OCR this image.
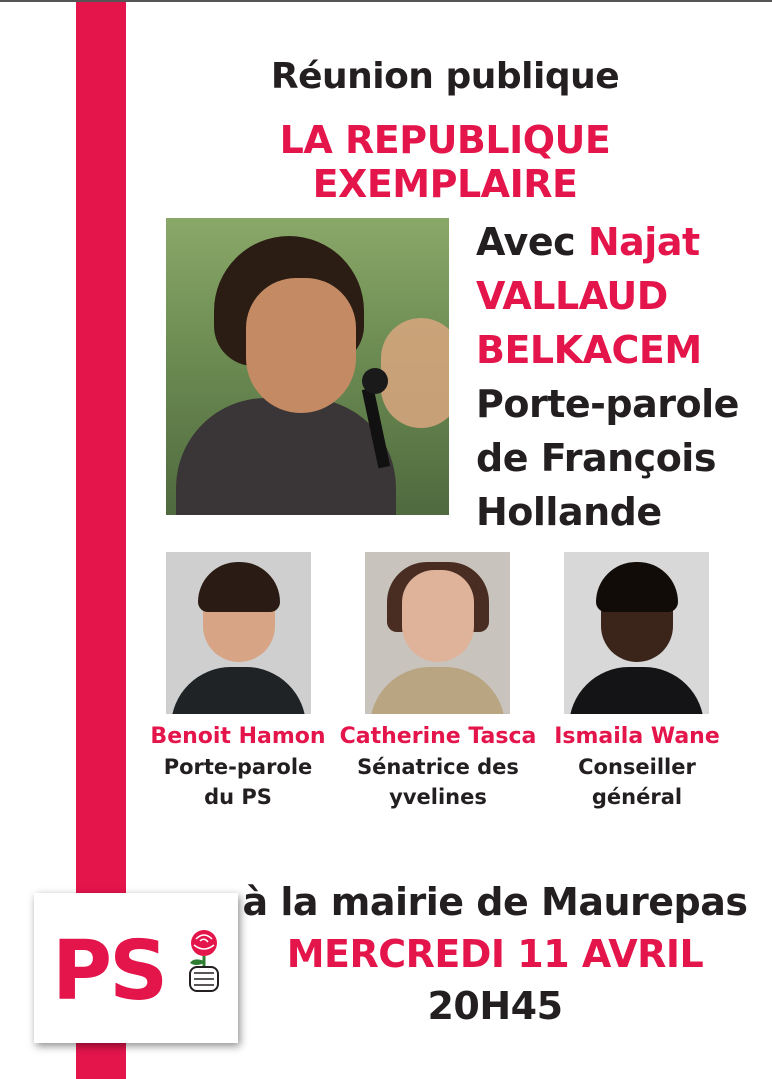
Réunion publique
LA REPUBLIQUE EXEMPLAIRE
Avec Najat
VALLAUD
BELKACEM
Porte-parole
de François
Hollande
Benoit Hamon
Porte-parole
du PS
Catherine Tasca
Sénatrice des
yvelines
Ismaila Wane
Conseiller
général
à la mairie de Maurepas
MERCREDI 11 AVRIL
20H45
PS
